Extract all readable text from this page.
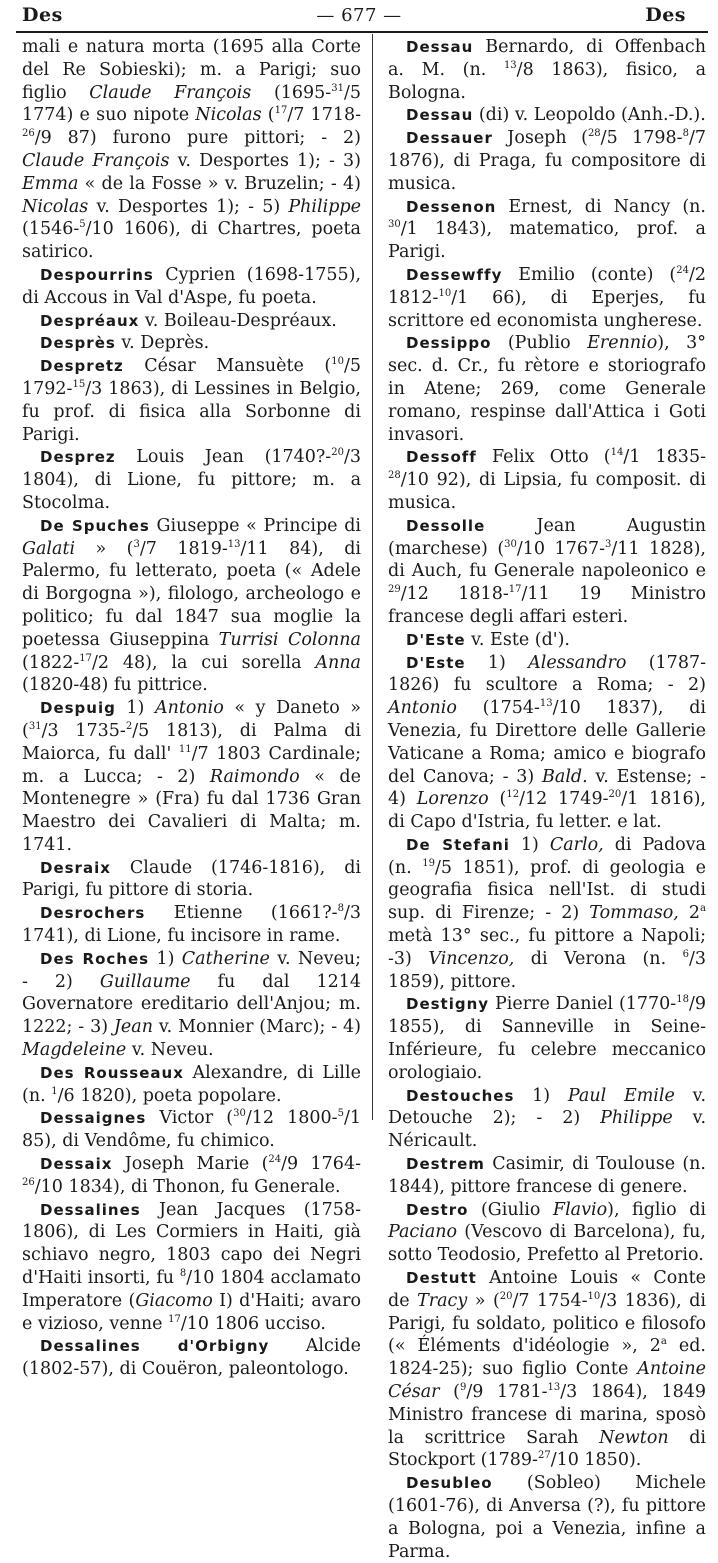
— 677 —
Des	Des

mali e natura morta (1695 alla Corte del Re Sobieski); m. a Parigi; suo figlio Claude François (1695-$^{31}$/5 1774) e suo nipote Nicolas ($^{17}$/7 1718-$^{26}$/9 87) furono pure pittori; - 2) Claude François v. Desportes 1); - 3) Emma « de la Fosse » v. Bruzelin; - 4) Nicolas v. Desportes 1); - 5) Philippe (1546-$^5$/10 1606), di Chartres, poeta satirico.

Despourrins Cyprien (1698-1755), di Accous in Val d'Aspe, fu poeta.

Despréaux v. Boileau-Despréaux.

Desprès v. Deprès.

Despretz César Mansuète ($^{10}$/5 1792-$^{15}$/3 1863), di Lessines in Belgio, fu prof. di fisica alla Sorbonne di Parigi.

Desprez Louis Jean (1740?-$^{20}$/3 1804), di Lione, fu pittore; m. a Stocolma.

De Spuches Giuseppe « Principe di Galati » ($^3$/7 1819-$^{13}$/11 84), di Palermo, fu letterato, poeta (« Adele di Borgogna »), filologo, archeologo e politico; fu dal 1847 sua moglie la poetessa Giuseppina Turrisi Colonna (1822-$^{17}$/2 48), la cui sorella Anna (1820-48) fu pittrice.

Despuig 1) Antonio « y Daneto » ($^{31}$/3 1735-$^2$/5 1813), di Palma di Maiorca, fu dall' $^{11}$/7 1803 Cardinale; m. a Lucca; - 2) Raimondo « de Montenegre » (Fra) fu dal 1736 Gran Maestro dei Cavalieri di Malta; m. 1741.

Desraix Claude (1746-1816), di Parigi, fu pittore di storia.

Desrochers Etienne (1661?-$^8$/3 1741), di Lione, fu incisore in rame.

Des Roches 1) Catherine v. Neveu; - 2) Guillaume fu dal 1214 Governatore ereditario dell'Anjou; m. 1222; - 3) Jean v. Monnier (Marc); - 4) Magdeleine v. Neveu.

Des Rousseaux Alexandre, di Lille (n. $^1$/6 1820), poeta popolare.

Dessaignes Victor ($^{30}$/12 1800-$^5$/1 85), di Vendôme, fu chimico.

Dessaix Joseph Marie ($^{24}$/9 1764-$^{26}$/10 1834), di Thonon, fu Generale.

Dessalines Jean Jacques (1758-1806), di Les Cormiers in Haiti, già schiavo negro, 1803 capo dei Negri d'Haiti insorti, fu $^8$/10 1804 acclamato Imperatore (Giacomo I) d'Haiti; avaro e vizioso, venne $^{17}$/10 1806 ucciso.

Dessalines d'Orbigny Alcide (1802-57), di Couëron, paleontologo.

Dessau Bernardo, di Offenbach a. M. (n. $^{13}$/8 1863), fisico, a Bologna.

Dessau (di) v. Leopoldo (Anh.-D.).

Dessauer Joseph ($^{28}$/5 1798-$^8$/7 1876), di Praga, fu compositore di musica.

Dessenon Ernest, di Nancy (n. $^{30}$/1 1843), matematico, prof. a Parigi.

Dessewffy Emilio (conte) ($^{24}$/2 1812-$^{10}$/1 66), di Eperjes, fu scrittore ed economista ungherese.

Dessippo (Publio Erennio), 3° sec. d. Cr., fu rètore e storiografo in Atene; 269, come Generale romano, respinse dall'Attica i Goti invasori.

Dessoff Felix Otto ($^{14}$/1 1835-$^{28}$/10 92), di Lipsia, fu composit. di musica.

Dessolle Jean Augustin (marchese) ($^{30}$/10 1767-$^3$/11 1828), di Auch, fu Generale napoleonico e $^{29}$/12 1818-$^{17}$/11 19 Ministro francese degli affari esteri.

D'Este v. Este (d').

D'Este 1) Alessandro (1787-1826) fu scultore a Roma; - 2) Antonio (1754-$^{13}$/10 1837), di Venezia, fu Direttore delle Gallerie Vaticane a Roma; amico e biografo del Canova; - 3) Bald. v. Estense; - 4) Lorenzo ($^{12}$/12 1749-$^{20}$/1 1816), di Capo d'Istria, fu letter. e lat.

De Stefani 1) Carlo, di Padova (n. $^{19}$/5 1851), prof. di geologia e geografia fisica nell'Ist. di studi sup. di Firenze; - 2) Tommaso, 2$^a$ metà 13° sec., fu pittore a Napoli; -3) Vincenzo, di Verona (n. $^6$/3 1859), pittore.

Destigny Pierre Daniel (1770-$^{18}$/9 1855), di Sanneville in Seine-Inférieure, fu celebre meccanico orologiaio.

Destouches 1) Paul Emile v. Detouche 2); - 2) Philippe v. Néricault.

Destrem Casimir, di Toulouse (n. 1844), pittore francese di genere.

Destro (Giulio Flavio), figlio di Paciano (Vescovo di Barcelona), fu, sotto Teodosio, Prefetto al Pretorio.

Destutt Antoine Louis « Conte de Tracy » ($^{20}$/7 1754-$^{10}$/3 1836), di Parigi, fu soldato, politico e filosofo (« Éléments d'idéologie », 2$^a$ ed. 1824-25); suo figlio Conte Antoine César ($^9$/9 1781-$^{13}$/3 1864), 1849 Ministro francese di marina, sposò la scrittrice Sarah Newton di Stockport (1789-$^{27}$/10 1850).

Desubleo (Sobleo) Michele (1601-76), di Anversa (?), fu pittore a Bologna, poi a Venezia, infine a Parma.
